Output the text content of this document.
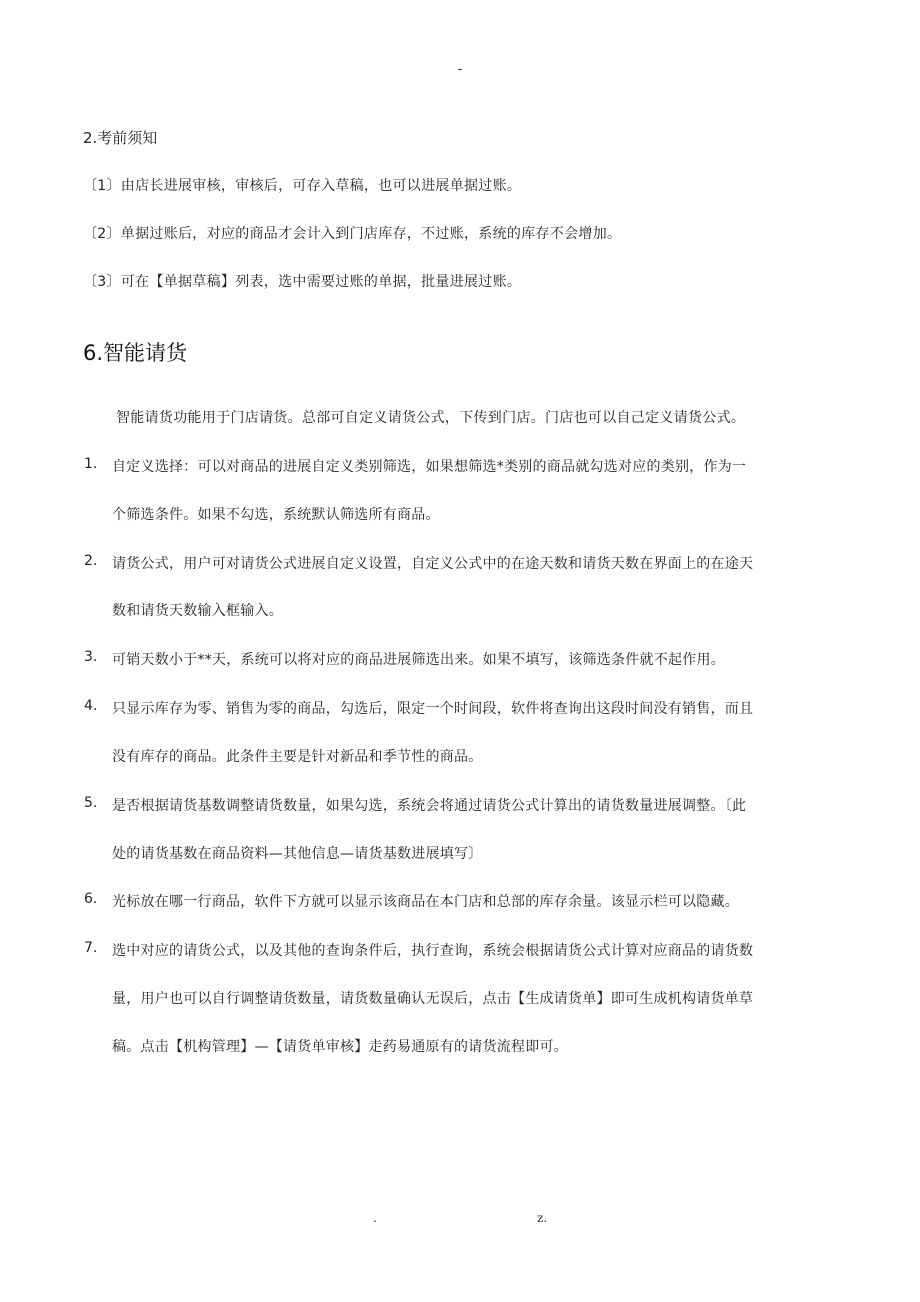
-
2.考前须知
〔1〕由店长进展审核，审核后，可存入草稿，也可以进展单据过账。
〔2〕单据过账后，对应的商品才会计入到门店库存，不过账，系统的库存不会增加。
〔3〕可在【单据草稿】列表，选中需要过账的单据，批量进展过账。
6.智能请货
智能请货功能用于门店请货。总部可自定义请货公式，下传到门店。门店也可以自己定义请货公式。
1. 自定义选择：可以对商品的进展自定义类别筛选，如果想筛选*类别的商品就勾选对应的类别，作为一
个筛选条件。如果不勾选，系统默认筛选所有商品。
2. 请货公式，用户可对请货公式进展自定义设置，自定义公式中的在途天数和请货天数在界面上的在途天
数和请货天数输入框输入。
3. 可销天数小于**天，系统可以将对应的商品进展筛选出来。如果不填写，该筛选条件就不起作用。
4. 只显示库存为零、销售为零的商品，勾选后，限定一个时间段，软件将查询出这段时间没有销售，而且
没有库存的商品。此条件主要是针对新品和季节性的商品。
5. 是否根据请货基数调整请货数量，如果勾选，系统会将通过请货公式计算出的请货数量进展调整。〔此
处的请货基数在商品资料—其他信息—请货基数进展填写〕
6. 光标放在哪一行商品，软件下方就可以显示该商品在本门店和总部的库存余量。该显示栏可以隐藏。
7. 选中对应的请货公式，以及其他的查询条件后，执行查询，系统会根据请货公式计算对应商品的请货数
量，用户也可以自行调整请货数量，请货数量确认无误后，点击【生成请货单】即可生成机构请货单草
稿。点击【机构管理】—【请货单审核】走药易通原有的请货流程即可。
.	z.
